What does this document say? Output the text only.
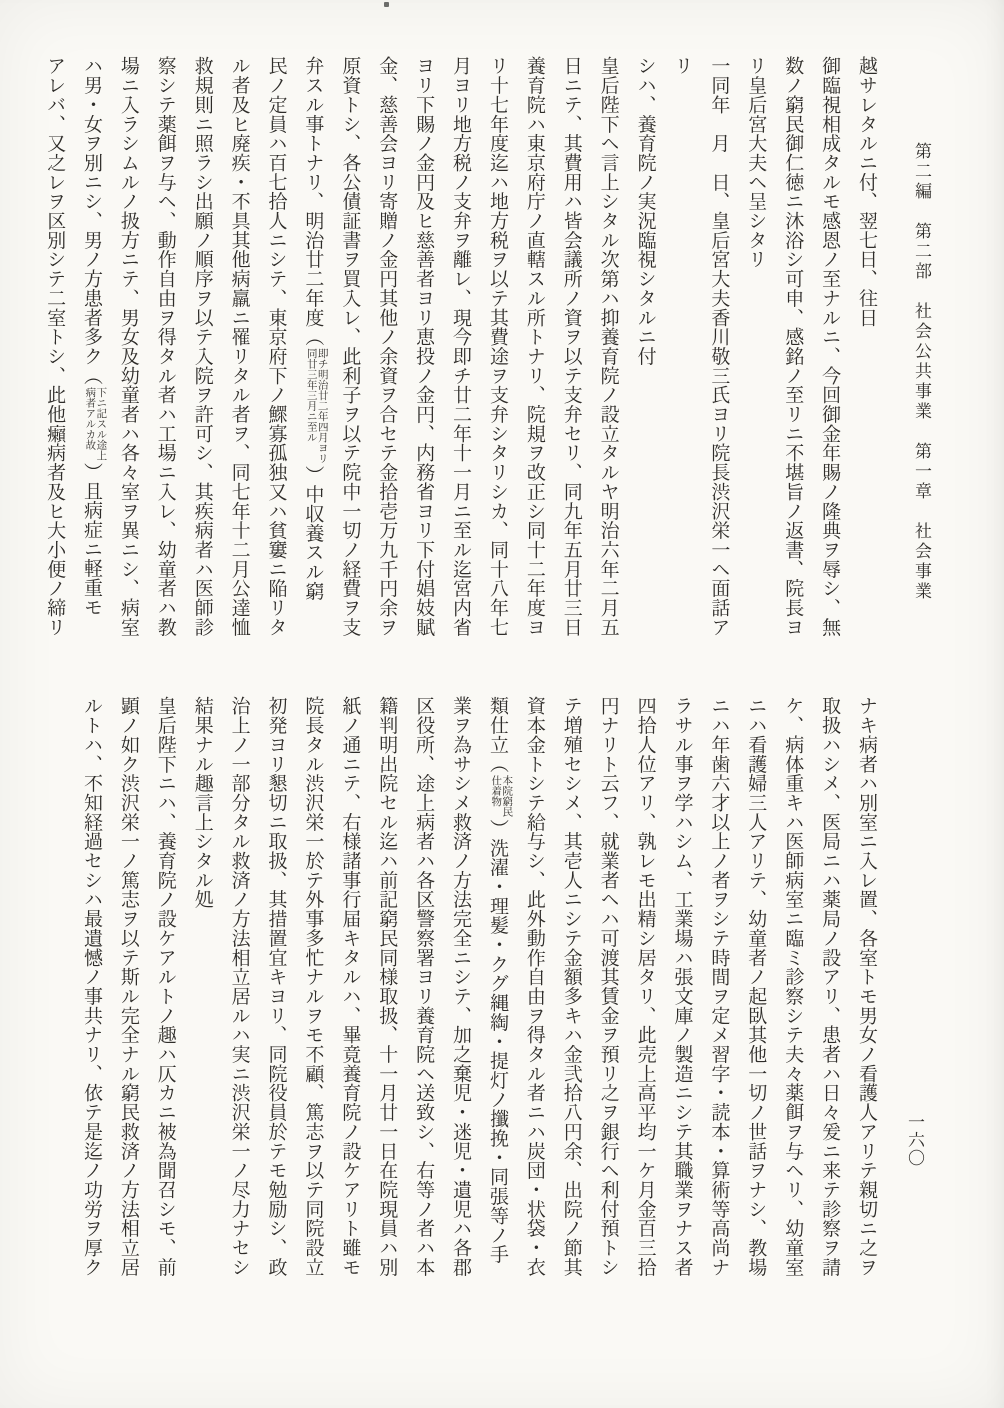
第二編　第二部　社会公共事業　第一章　社会事業
一六〇
越サレタルニ付、翌七日、往日
御臨視相成タルモ感恩ノ至ナルニ、今回御金年賜ノ隆典ヲ辱シ、無
数ノ窮民御仁徳ニ沐浴シ可申、感銘ノ至リニ不堪旨ノ返書、院長ヨ
リ皇后宮大夫ヘ呈シタリ
一同年　月　日、皇后宮大夫香川敬三氏ヨリ院長渋沢栄一ヘ面話アリ
シハ、養育院ノ実況臨視シタルニ付
皇后陛下ヘ言上シタル次第ハ抑養育院ノ設立タルヤ明治六年二月五
日ニテ、其費用ハ皆会議所ノ資ヲ以テ支弁セリ、同九年五月廿三日
養育院ハ東京府庁ノ直轄スル所トナリ、院規ヲ改正シ同十二年度ヨ
リ十七年度迄ハ地方税ヲ以テ其費途ヲ支弁シタリシカ、同十八年七
月ヨリ地方税ノ支弁ヲ離レ、現今即チ廿二年十一月ニ至ル迄宮内省
ヨリ下賜ノ金円及ヒ慈善者ヨリ恵投ノ金円、内務省ヨリ下付娼妓賦
金、慈善会ヨリ寄贈ノ金円其他ノ余資ヲ合セテ金拾壱万九千円余ヲ
原資トシ、各公債証書ヲ買入レ、此利子ヲ以テ院中一切ノ経費ヲ支
弁スル事トナリ、明治廿二年度（
即チ明治廿二年四月ヨリ
同廿三年三月ニ至ル
）中収養スル窮
民ノ定員ハ百七拾人ニシテ、東京府下ノ鰥寡孤独又ハ貧窶ニ陥リタ
ル者及ヒ廃疾・不具其他病羸ニ罹リタル者ヲ、同七年十二月公達恤
救規則ニ照ラシ出願ノ順序ヲ以テ入院ヲ許可シ、其疾病者ハ医師診
察シテ薬餌ヲ与ヘ、動作自由ヲ得タル者ハ工場ニ入レ、幼童者ハ教
場ニ入ラシムルノ扱方ニテ、男女及幼童者ハ各々室ヲ異ニシ、病室
ハ男・女ヲ別ニシ、男ノ方患者多ク（
下ニ記スル途上
病者アルカ故
）且病症ニ軽重モ
アレバ、又之レヲ区別シテ二室トシ、此他癩病者及ヒ大小便ノ締リ
ナキ病者ハ別室ニ入レ置、各室トモ男女ノ看護人アリテ親切ニ之ヲ
取扱ハシメ、医局ニハ薬局ノ設アリ、患者ハ日々爰ニ来テ診察ヲ請
ケ、病体重キハ医師病室ニ臨ミ診察シテ夫々薬餌ヲ与ヘリ、幼童室
ニハ看護婦三人アリテ、幼童者ノ起臥其他一切ノ世話ヲナシ、教場
ニハ年歯六才以上ノ者ヲシテ時間ヲ定メ習字・読本・算術等高尚ナ
ラサル事ヲ学ハシム、工業場ハ張文庫ノ製造ニシテ其職業ヲナス者
四拾人位アリ、孰レモ出精シ居タリ、此売上高平均一ケ月金百三拾
円ナリト云フ、就業者ヘハ可渡其賃金ヲ預リ之ヲ銀行ヘ利付預トシ
テ増殖セシメ、其壱人ニシテ金額多キハ金弐拾八円余、出院ノ節其
資本金トシテ給与シ、此外動作自由ヲ得タル者ニハ炭団・状袋・衣
類仕立（
本院窮民
仕着物
）洗濯・理髪・クグ縄綯・提灯ノ攕挽・同張等ノ手
業ヲ為サシメ救済ノ方法完全ニシテ、加之棄児・迷児・遺児ハ各郡
区役所、途上病者ハ各区警察署ヨリ養育院ヘ送致シ、右等ノ者ハ本
籍判明出院セル迄ハ前記窮民同様取扱、十一月廿一日在院現員ハ別
紙ノ通ニテ、右様諸事行届キタルハ、畢竟養育院ノ設ケアリト雖モ
院長タル渋沢栄一於テ外事多忙ナルヲモ不顧、篤志ヲ以テ同院設立
初発ヨリ懇切ニ取扱、其措置宜キヨリ、同院役員於テモ勉励シ、政
治上ノ一部分タル救済ノ方法相立居ルハ実ニ渋沢栄一ノ尽力ナセシ
結果ナル趣言上シタル処
皇后陛下ニハ、養育院ノ設ケアルトノ趣ハ仄カニ被為聞召シモ、前
顕ノ如ク渋沢栄一ノ篤志ヲ以テ斯ル完全ナル窮民救済ノ方法相立居
ルトハ、不知経過セシハ最遺憾ノ事共ナリ、依テ是迄ノ功労ヲ厚ク
